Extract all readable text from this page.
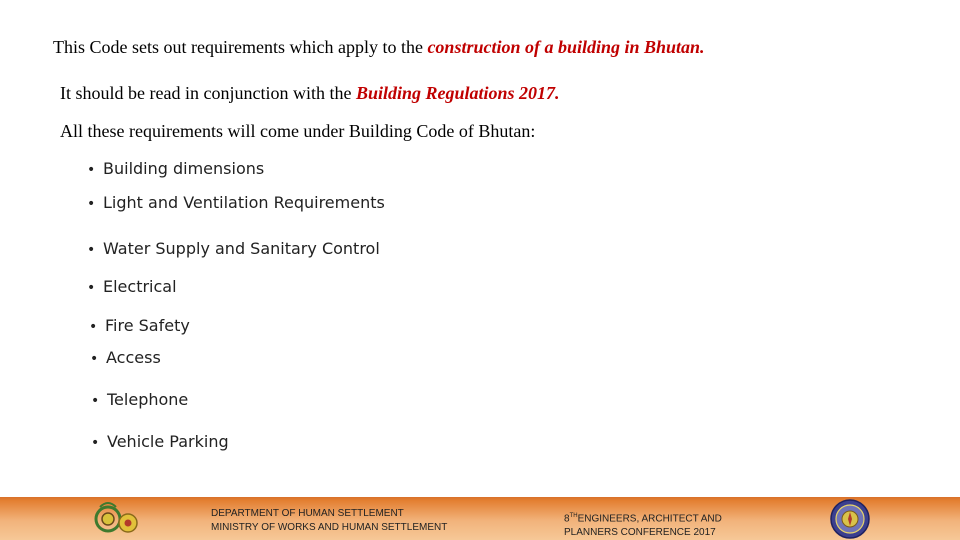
This Code sets out requirements which apply to the construction of a building in Bhutan.

It should be read in conjunction with the Building Regulations 2017.

All these requirements will come under Building Code of Bhutan:

• Building dimensions
• Light and Ventilation Requirements
• Water Supply and Sanitary Control
• Electrical
• Fire Safety
• Access
• Telephone
• Vehicle Parking
DEPARTMENT OF HUMAN SETTLEMENT
MINISTRY OF WORKS AND HUMAN SETTLEMENT
8THENGINEERS, ARCHITECT AND
PLANNERS CONFERENCE 2017
